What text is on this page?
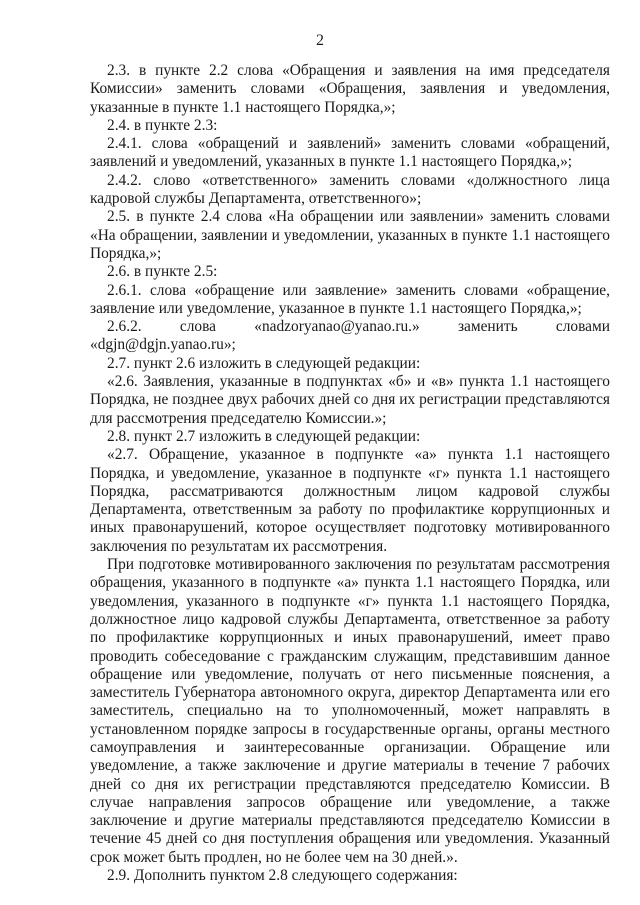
2

2.3. в пункте 2.2 слова «Обращения и заявления на имя председателя Комиссии» заменить словами «Обращения, заявления и уведомления, указанные в пункте 1.1 настоящего Порядка,»;

2.4. в пункте 2.3:

2.4.1. слова «обращений и заявлений» заменить словами «обращений, заявлений и уведомлений, указанных в пункте 1.1 настоящего Порядка,»;

2.4.2. слово «ответственного» заменить словами «должностного лица кадровой службы Департамента, ответственного»;

2.5. в пункте 2.4 слова «На обращении или заявлении» заменить словами «На обращении, заявлении и уведомлении, указанных в пункте 1.1 настоящего Порядка,»;

2.6. в пункте 2.5:

2.6.1. слова «обращение или заявление» заменить словами «обращение, заявление или уведомление, указанное в пункте 1.1 настоящего Порядка,»;

2.6.2. слова «nadzoryanao@yanao.ru.» заменить словами «dgjn@dgjn.yanao.ru»;

2.7. пункт 2.6 изложить в следующей редакции:

«2.6. Заявления, указанные в подпунктах «б» и «в» пункта 1.1 настоящего Порядка, не позднее двух рабочих дней со дня их регистрации представляются для рассмотрения председателю Комиссии.»;

2.8. пункт 2.7 изложить в следующей редакции:

«2.7. Обращение, указанное в подпункте «а» пункта 1.1 настоящего Порядка, и уведомление, указанное в подпункте «г» пункта 1.1 настоящего Порядка, рассматриваются должностным лицом кадровой службы Департамента, ответственным за работу по профилактике коррупционных и иных правонарушений, которое осуществляет подготовку мотивированного заключения по результатам их рассмотрения.

При подготовке мотивированного заключения по результатам рассмотрения обращения, указанного в подпункте «а» пункта 1.1 настоящего Порядка, или уведомления, указанного в подпункте «г» пункта 1.1 настоящего Порядка, должностное лицо кадровой службы Департамента, ответственное за работу по профилактике коррупционных и иных правонарушений, имеет право проводить собеседование с гражданским служащим, представившим данное обращение или уведомление, получать от него письменные пояснения, а заместитель Губернатора автономного округа, директор Департамента или его заместитель, специально на то уполномоченный, может направлять в установленном порядке запросы в государственные органы, органы местного самоуправления и заинтересованные организации. Обращение или уведомление, а также заключение и другие материалы в течение 7 рабочих дней со дня их регистрации представляются председателю Комиссии. В случае направления запросов обращение или уведомление, а также заключение и другие материалы представляются председателю Комиссии в течение 45 дней со дня поступления обращения или уведомления. Указанный срок может быть продлен, но не более чем на 30 дней.».

2.9. Дополнить пунктом 2.8 следующего содержания:
